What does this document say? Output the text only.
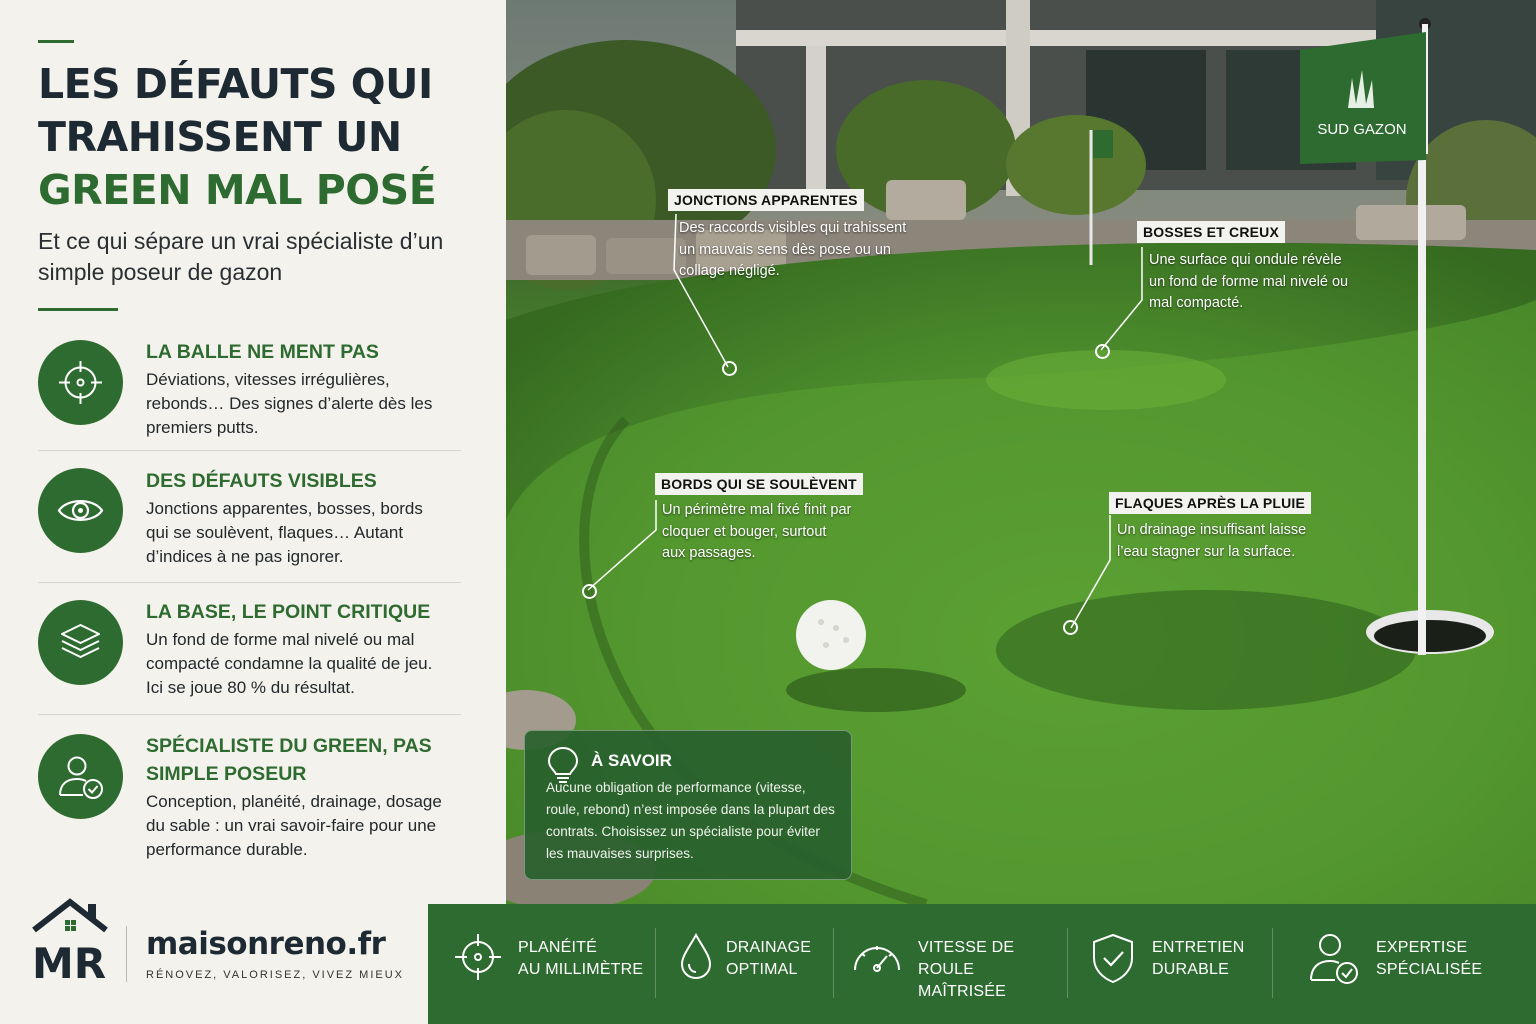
LES DÉFAUTS QUI
TRAHISSENT UN
GREEN MAL POSÉ
Et ce qui sépare un vrai spécialiste d’un simple poseur de gazon
LA BALLE NE MENT PAS
Déviations, vitesses irrégulières, rebonds… Des signes d’alerte dès les premiers putts.
DES DÉFAUTS VISIBLES
Jonctions apparentes, bosses, bords qui se soulèvent, flaques… Autant d’indices à ne pas ignorer.
LA BASE, LE POINT CRITIQUE
Un fond de forme mal nivelé ou mal compacté condamne la qualité de jeu. Ici se joue 80 % du résultat.
SPÉCIALISTE DU GREEN, PAS SIMPLE POSEUR
Conception, planéité, drainage, dosage du sable : un vrai savoir-faire pour une performance durable.
MR maisonreno.fr
RÉNOVEZ, VALORISEZ, VIVEZ MIEUX
SUD GAZON
JONCTIONS APPARENTES
Des raccords visibles qui trahissent un mauvais sens dès pose ou un collage négligé.
BOSSES ET CREUX
Une surface qui ondule révèle un fond de forme mal nivelé ou mal compacté.
BORDS QUI SE SOULÈVENT
Un périmètre mal fixé finit par cloquer et bouger, surtout aux passages.
FLAQUES APRÈS LA PLUIE
Un drainage insuffisant laisse l’eau stagner sur la surface.
À SAVOIR
Aucune obligation de performance (vitesse, roule, rebond) n’est imposée dans la plupart des contrats. Choisissez un spécialiste pour éviter les mauvaises surprises.
PLANÉITÉ
AU MILLIMÈTRE
DRAINAGE
OPTIMAL
VITESSE DE ROULE
MAÎTRISÉE
ENTRETIEN
DURABLE
EXPERTISE
SPÉCIALISÉE
